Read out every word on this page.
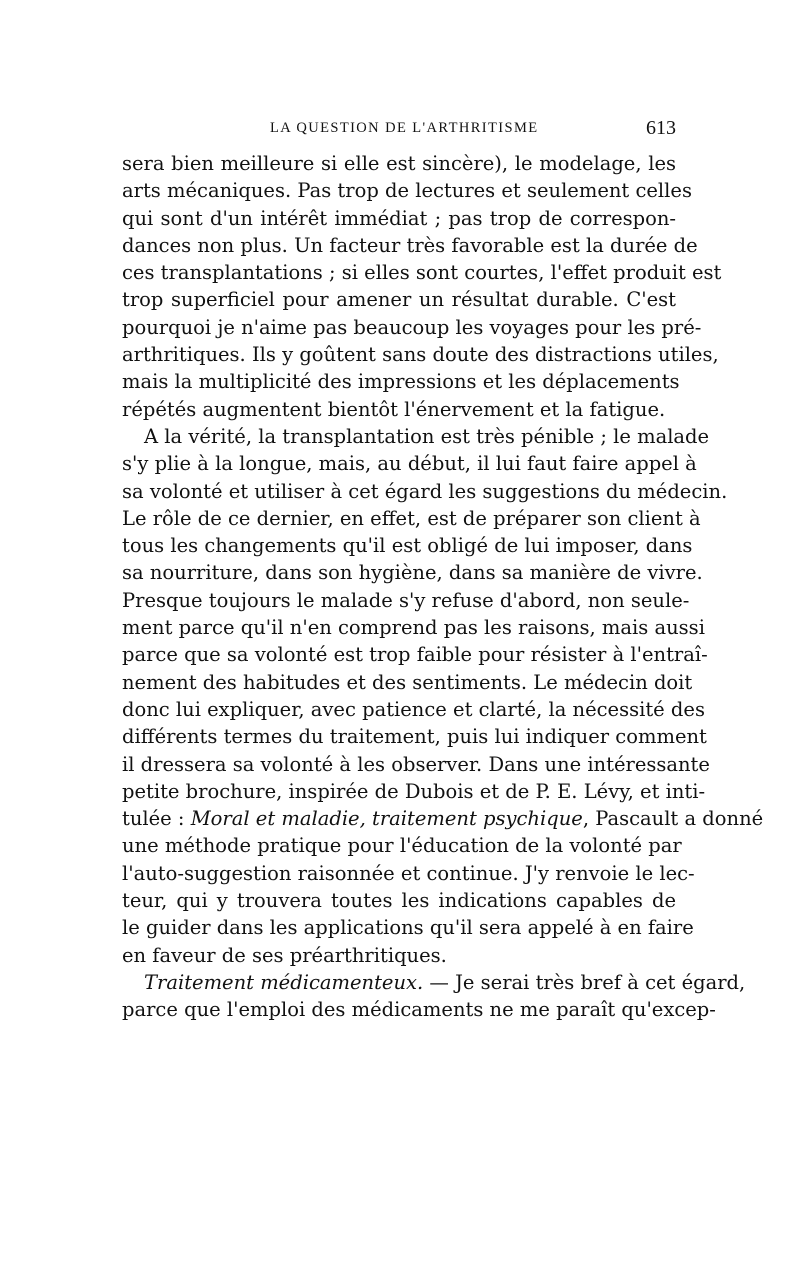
LA QUESTION DE L'ARTHRITISME	613
sera bien meilleure si elle est sincère), le modelage, les
arts mécaniques. Pas trop de lectures et seulement celles
qui sont d'un intérêt immédiat ; pas trop de correspon-
dances non plus. Un facteur très favorable est la durée de
ces transplantations ; si elles sont courtes, l'effet produit est
trop superficiel pour amener un résultat durable. C'est
pourquoi je n'aime pas beaucoup les voyages pour les pré-
arthritiques. Ils y goûtent sans doute des distractions utiles,
mais la multiplicité des impressions et les déplacements
répétés augmentent bientôt l'énervement et la fatigue.
A la vérité, la transplantation est très pénible ; le malade
s'y plie à la longue, mais, au début, il lui faut faire appel à
sa volonté et utiliser à cet égard les suggestions du médecin.
Le rôle de ce dernier, en effet, est de préparer son client à
tous les changements qu'il est obligé de lui imposer, dans
sa nourriture, dans son hygiène, dans sa manière de vivre.
Presque toujours le malade s'y refuse d'abord, non seule-
ment parce qu'il n'en comprend pas les raisons, mais aussi
parce que sa volonté est trop faible pour résister à l'entraî-
nement des habitudes et des sentiments. Le médecin doit
donc lui expliquer, avec patience et clarté, la nécessité des
différents termes du traitement, puis lui indiquer comment
il dressera sa volonté à les observer. Dans une intéressante
petite brochure, inspirée de Dubois et de P. E. Lévy, et inti-
tulée : Moral et maladie, traitement psychique, Pascault a donné
une méthode pratique pour l'éducation de la volonté par
l'auto-suggestion raisonnée et continue. J'y renvoie le lec-
teur, qui y trouvera toutes les indications capables de
le guider dans les applications qu'il sera appelé à en faire
en faveur de ses préarthritiques.
Traitement médicamenteux. — Je serai très bref à cet égard,
parce que l'emploi des médicaments ne me paraît qu'excep-
